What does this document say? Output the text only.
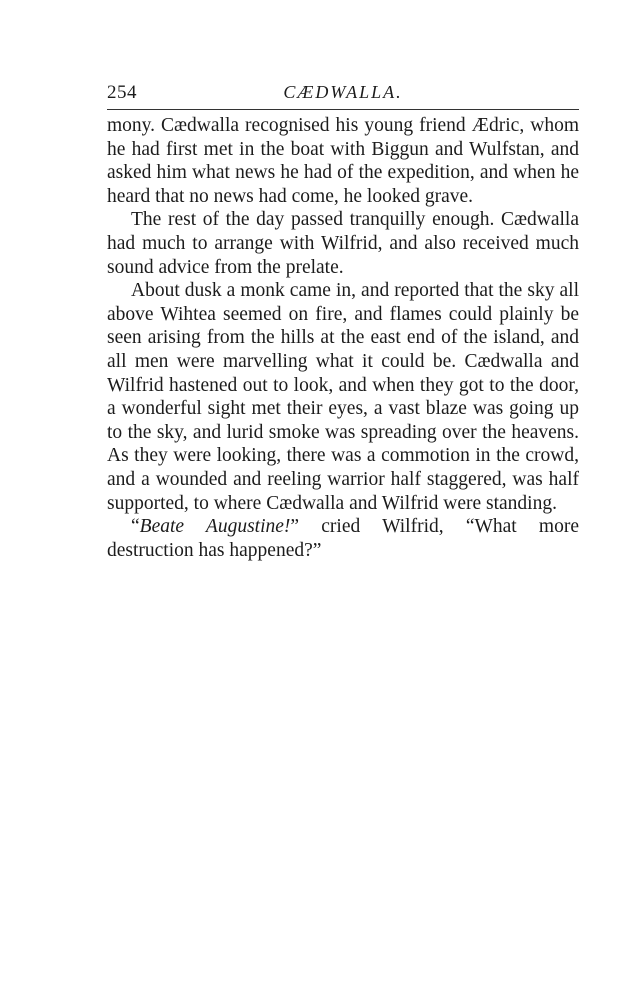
254	CÆDWALLA.

mony. Cædwalla recognised his young friend Ædric, whom he had first met in the boat with Biggun and Wulfstan, and asked him what news he had of the expedition, and when he heard that no news had come, he looked grave.

The rest of the day passed tranquilly enough. Cædwalla had much to arrange with Wilfrid, and also received much sound advice from the prelate.

About dusk a monk came in, and reported that the sky all above Wihtea seemed on fire, and flames could plainly be seen arising from the hills at the east end of the island, and all men were marvelling what it could be. Cædwalla and Wilfrid hastened out to look, and when they got to the door, a wonderful sight met their eyes, a vast blaze was going up to the sky, and lurid smoke was spreading over the heavens. As they were looking, there was a commotion in the crowd, and a wounded and reeling warrior half staggered, was half supported, to where Cædwalla and Wilfrid were standing.

“Beate Augustine!” cried Wilfrid, “What more destruction has happened?”
